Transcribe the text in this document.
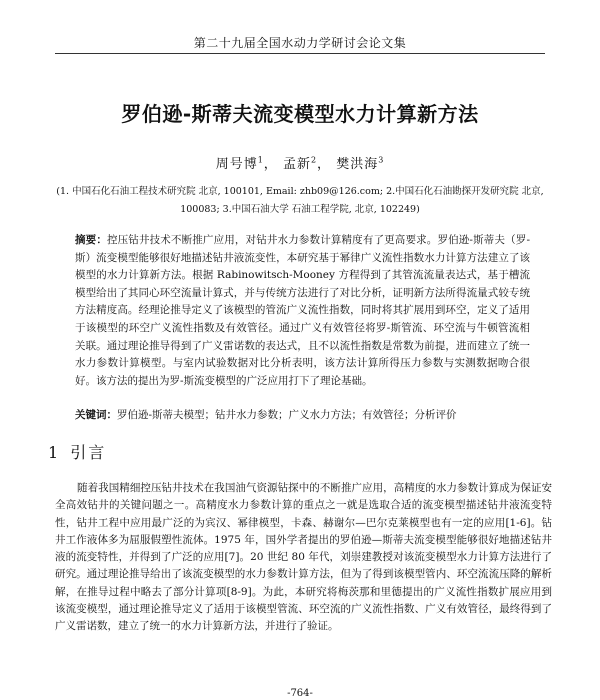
第二十九届全国水动力学研讨会论文集
罗伯逊-斯蒂夫流变模型水力计算新方法
周号博$^1$， 孟新$^2$， 樊洪海$^3$
(1. 中国石化石油工程技术研究院 北京, 100101, Email: zhb09@126.com; 2.中国石化石油勘探开发研究院 北京, 100083; 3.中国石油大学 石油工程学院, 北京, 102249)
摘要：控压钻井技术不断推广应用，对钻井水力参数计算精度有了更高要求。罗伯逊-斯蒂夫（罗-斯）流变模型能够很好地描述钻井液流变性，本研究基于幂律广义流性指数水力计算方法建立了该模型的水力计算新方法。根据 Rabinowitsch-Mooney 方程得到了其管流流量表达式，基于槽流模型给出了其同心环空流量计算式，并与传统方法进行了对比分析，证明新方法所得流量式较专统方法精度高。经理论推导定义了该模型的管流广义流性指数，同时将其扩展用到环空，定义了适用于该模型的环空广义流性指数及有效管径。通过广义有效管径将罗-斯管流、环空流与牛顿管流相关联。通过理论推导得到了广义雷诺数的表达式，且不以流性指数是常数为前提，进而建立了统一水力参数计算模型。与室内试验数据对比分析表明，该方法计算所得压力参数与实测数据吻合很好。该方法的提出为罗-斯流变模型的广泛应用打下了理论基础。
关键词：罗伯逊-斯蒂夫模型；钻井水力参数；广义水力方法；有效管径；分析评价
1 引言
随着我国精细控压钻井技术在我国油气资源钻探中的不断推广应用，高精度的水力参数计算成为保证安全高效钻井的关键问题之一。高精度水力参数计算的重点之一就是选取合适的流变模型描述钻井液流变特性，钻井工程中应用最广泛的为宾汉、幂律模型，卡森、赫谢尔—巴尔克莱模型也有一定的应用[1-6]。钻井工作液体多为屈服假塑性流体。1975 年，国外学者提出的罗伯逊—斯蒂夫流变模型能够很好地描述钻井液的流变特性，并得到了广泛的应用[7]。20 世纪 80 年代，刘崇建教授对该流变模型水力计算方法进行了研究。通过理论推导给出了该流变模型的水力参数计算方法，但为了得到该模型管内、环空流流压降的解析解，在推导过程中略去了部分计算项[8-9]。为此，本研究将梅茨那和里德提出的广义流性指数扩展应用到该流变模型，通过理论推导定义了适用于该模型管流、环空流的广义流性指数、广义有效管径，最终得到了广义雷诺数，建立了统一的水力计算新方法，并进行了验证。
-764-
